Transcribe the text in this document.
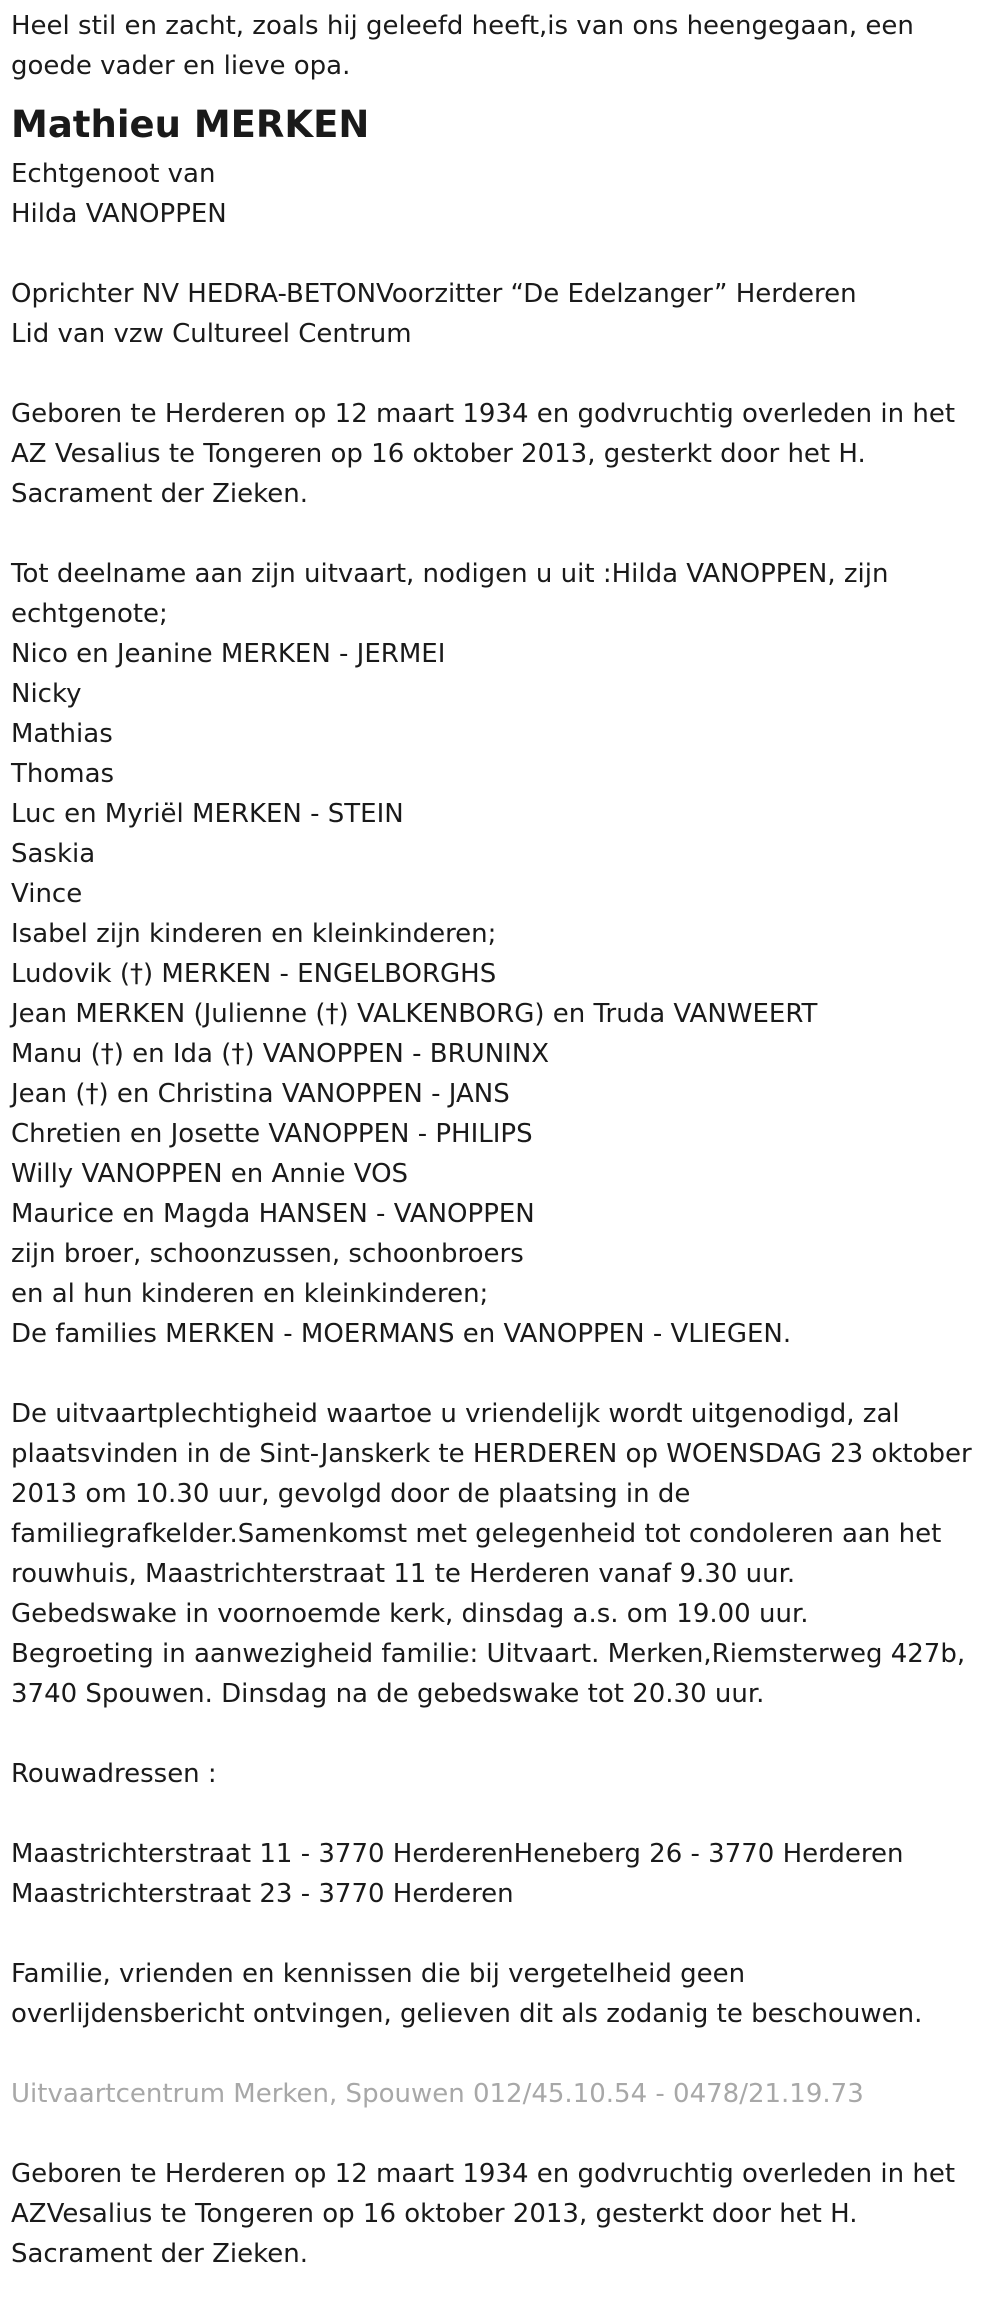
Heel stil en zacht, zoals hij geleefd heeft,is van ons heengegaan, een
goede vader en lieve opa.
Mathieu MERKEN
Echtgenoot van
Hilda VANOPPEN
Oprichter NV HEDRA-BETONVoorzitter “De Edelzanger” Herderen
Lid van vzw Cultureel Centrum
Geboren te Herderen op 12 maart 1934 en godvruchtig overleden in het
AZ Vesalius te Tongeren op 16 oktober 2013, gesterkt door het H.
Sacrament der Zieken.
Tot deelname aan zijn uitvaart, nodigen u uit :Hilda VANOPPEN, zijn
echtgenote;
Nico en Jeanine MERKEN - JERMEI
Nicky
Mathias
Thomas
Luc en Myriël MERKEN - STEIN
Saskia
Vince
Isabel zijn kinderen en kleinkinderen;
Ludovik (†) MERKEN - ENGELBORGHS
Jean MERKEN (Julienne (†) VALKENBORG) en Truda VANWEERT
Manu (†) en Ida (†) VANOPPEN - BRUNINX
Jean (†) en Christina VANOPPEN - JANS
Chretien en Josette VANOPPEN - PHILIPS
Willy VANOPPEN en Annie VOS
Maurice en Magda HANSEN - VANOPPEN
zijn broer, schoonzussen, schoonbroers
en al hun kinderen en kleinkinderen;
De families MERKEN - MOERMANS en VANOPPEN - VLIEGEN.
De uitvaartplechtigheid waartoe u vriendelijk wordt uitgenodigd, zal
plaatsvinden in de Sint-Janskerk te HERDEREN op WOENSDAG 23 oktober
2013 om 10.30 uur, gevolgd door de plaatsing in de
familiegrafkelder.Samenkomst met gelegenheid tot condoleren aan het
rouwhuis, Maastrichterstraat 11 te Herderen vanaf 9.30 uur.
Gebedswake in voornoemde kerk, dinsdag a.s. om 19.00 uur.
Begroeting in aanwezigheid familie: Uitvaart. Merken,Riemsterweg 427b,
3740 Spouwen. Dinsdag na de gebedswake tot 20.30 uur.
Rouwadressen :
Maastrichterstraat 11 - 3770 HerderenHeneberg 26 - 3770 Herderen
Maastrichterstraat 23 - 3770 Herderen
Familie, vrienden en kennissen die bij vergetelheid geen
overlijdensbericht ontvingen, gelieven dit als zodanig te beschouwen.
Uitvaartcentrum Merken, Spouwen 012/45.10.54 - 0478/21.19.73
Geboren te Herderen op 12 maart 1934 en godvruchtig overleden in het
AZVesalius te Tongeren op 16 oktober 2013, gesterkt door het H.
Sacrament der Zieken.
